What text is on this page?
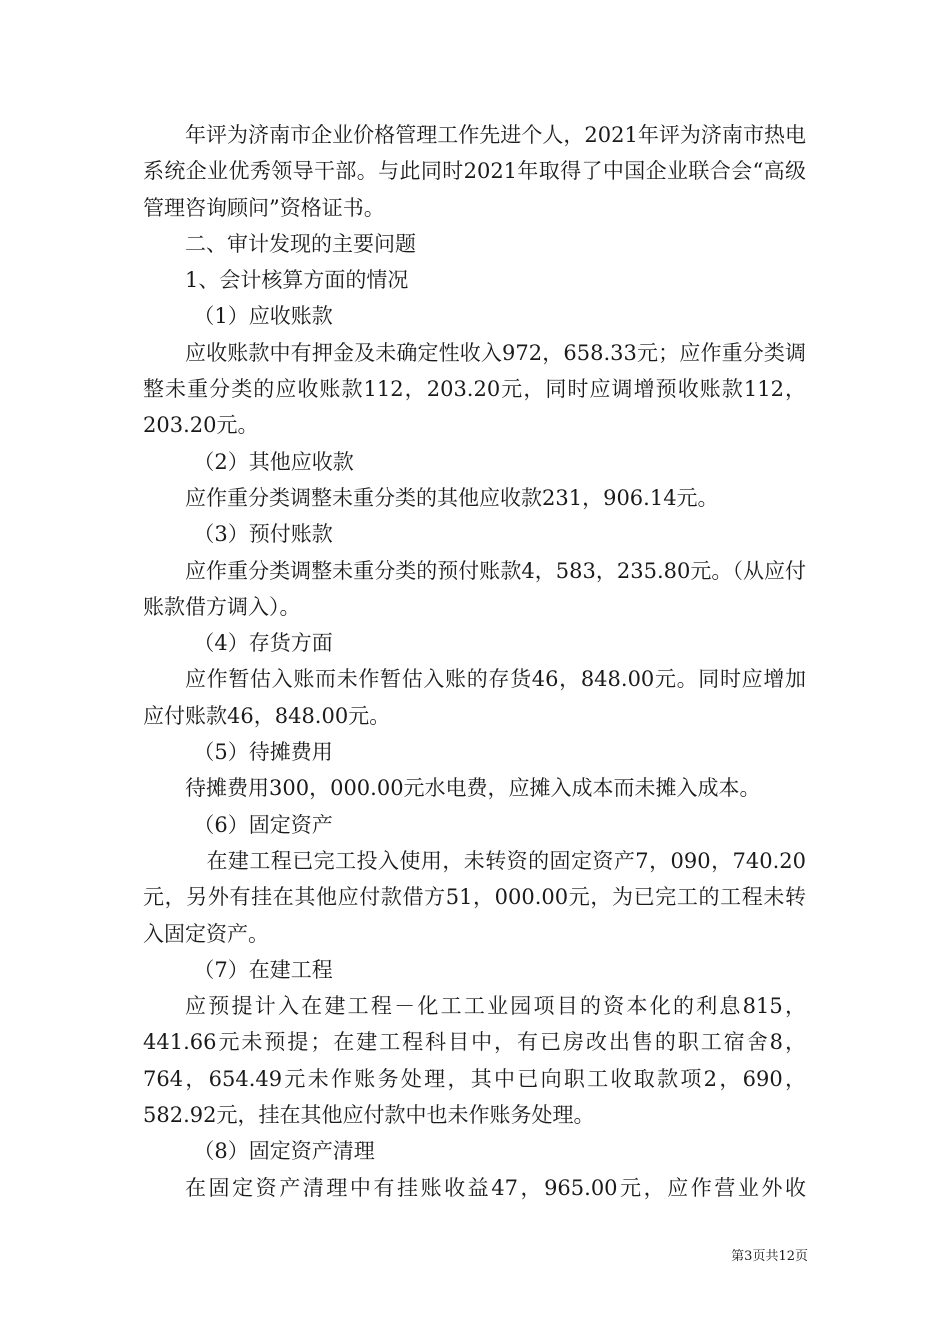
年评为济南市企业价格管理工作先进个人，2021年评为济南市热电系统企业优秀领导干部。与此同时2021年取得了中国企业联合会“高级管理咨询顾问”资格证书。

二、审计发现的主要问题

1、会计核算方面的情况

（1）应收账款

应收账款中有押金及未确定性收入972，658.33元；应作重分类调整未重分类的应收账款112，203.20元，同时应调增预收账款112，203.20元。

（2）其他应收款

应作重分类调整未重分类的其他应收款231，906.14元。

（3）预付账款

应作重分类调整未重分类的预付账款4，583，235.80元。（从应付账款借方调入）。

（4）存货方面

应作暂估入账而未作暂估入账的存货46，848.00元。同时应增加应付账款46，848.00元。

（5）待摊费用

待摊费用300，000.00元水电费，应摊入成本而未摊入成本。

（6）固定资产

　在建工程已完工投入使用，未转资的固定资产7，090，740.20元，另外有挂在其他应付款借方51，000.00元，为已完工的工程未转入固定资产。

（7）在建工程

应预提计入在建工程－化工工业园项目的资本化的利息815，441.66元未预提；在建工程科目中，有已房改出售的职工宿舍8，764，654.49元未作账务处理，其中已向职工收取款项2，690，582.92元，挂在其他应付款中也未作账务处理。

（8）固定资产清理

在固定资产清理中有挂账收益47，965.00元，应作营业外收

第3页共12页
